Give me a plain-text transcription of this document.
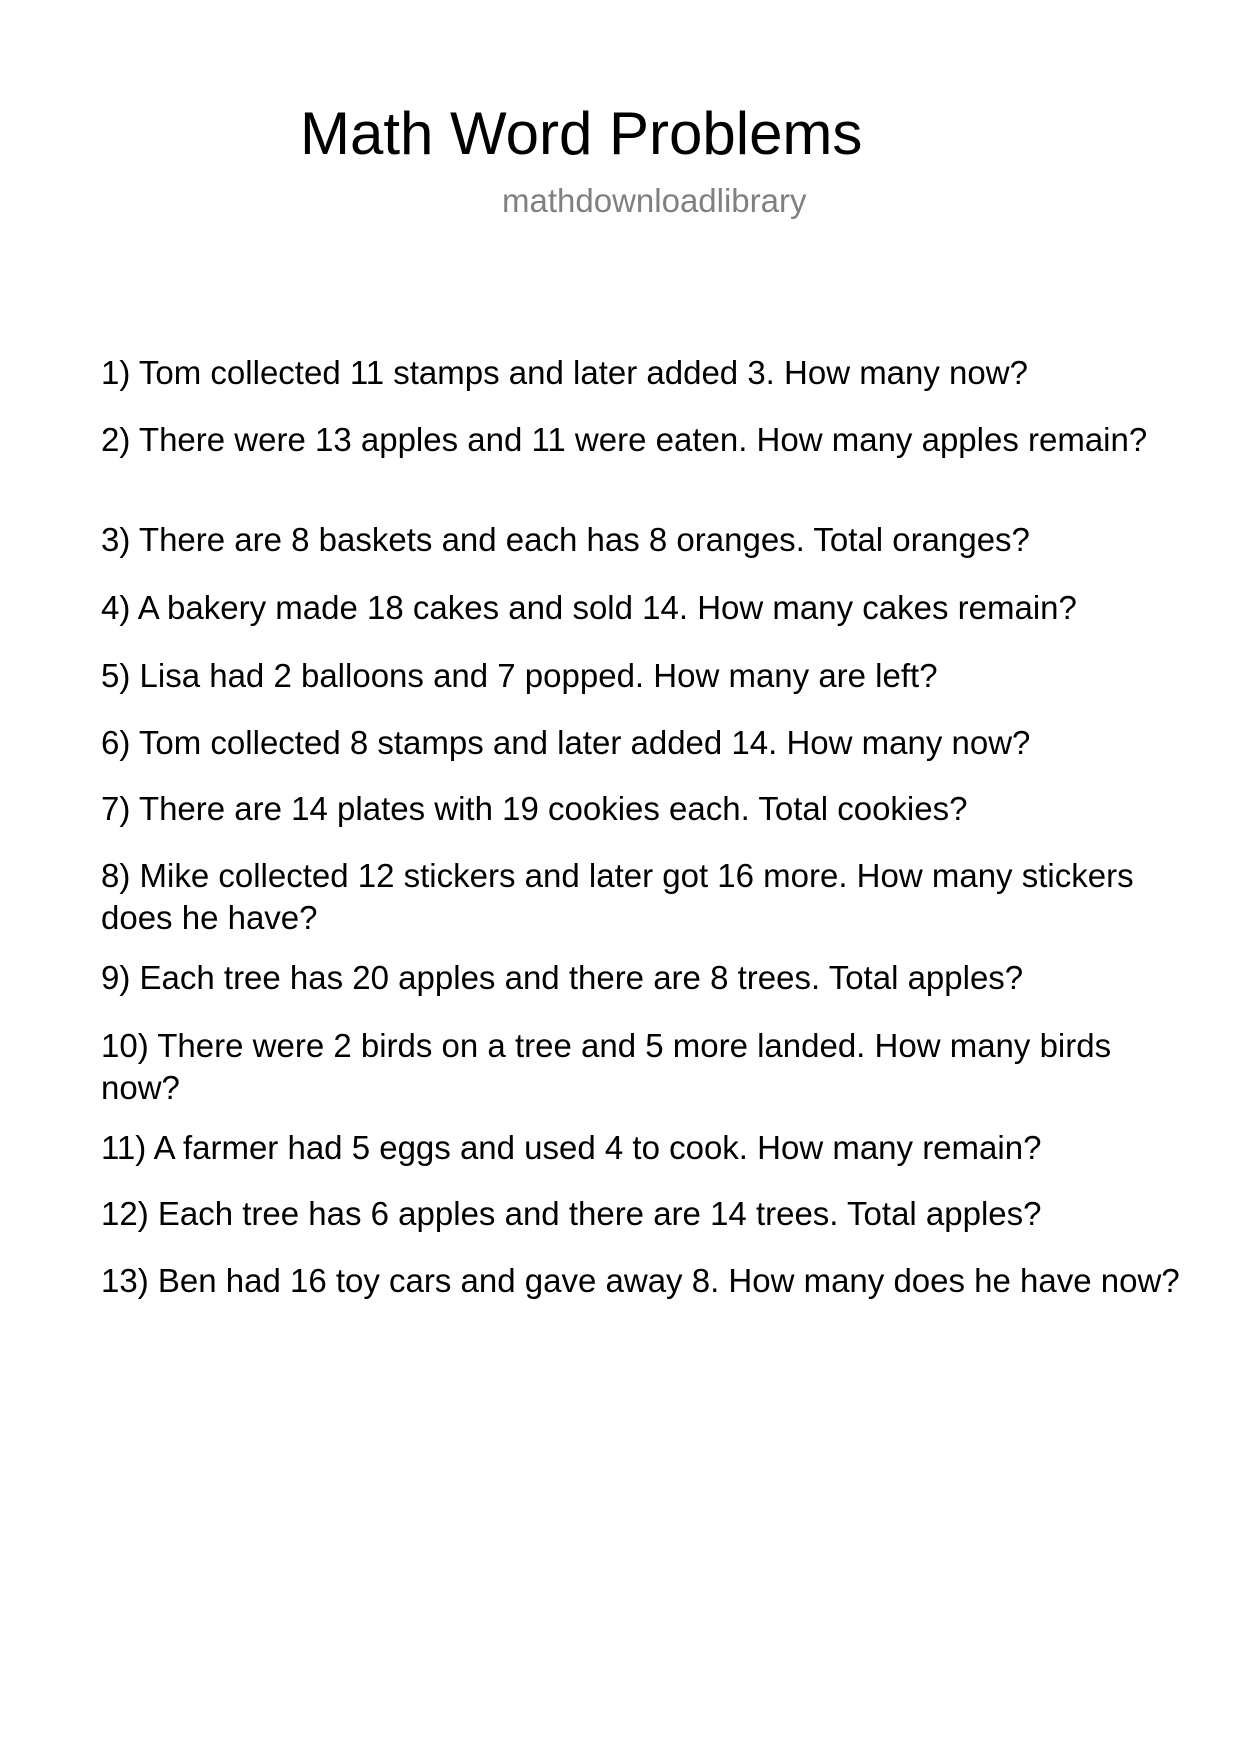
Math Word Problems
mathdownloadlibrary

1) Tom collected 11 stamps and later added 3. How many now?

2) There were 13 apples and 11 were eaten. How many apples remain?

3) There are 8 baskets and each has 8 oranges. Total oranges?

4) A bakery made 18 cakes and sold 14. How many cakes remain?

5) Lisa had 2 balloons and 7 popped. How many are left?

6) Tom collected 8 stamps and later added 14. How many now?

7) There are 14 plates with 19 cookies each. Total cookies?

8) Mike collected 12 stickers and later got 16 more. How many stickers does he have?

9) Each tree has 20 apples and there are 8 trees. Total apples?

10) There were 2 birds on a tree and 5 more landed. How many birds now?

11) A farmer had 5 eggs and used 4 to cook. How many remain?

12) Each tree has 6 apples and there are 14 trees. Total apples?

13) Ben had 16 toy cars and gave away 8. How many does he have now?
